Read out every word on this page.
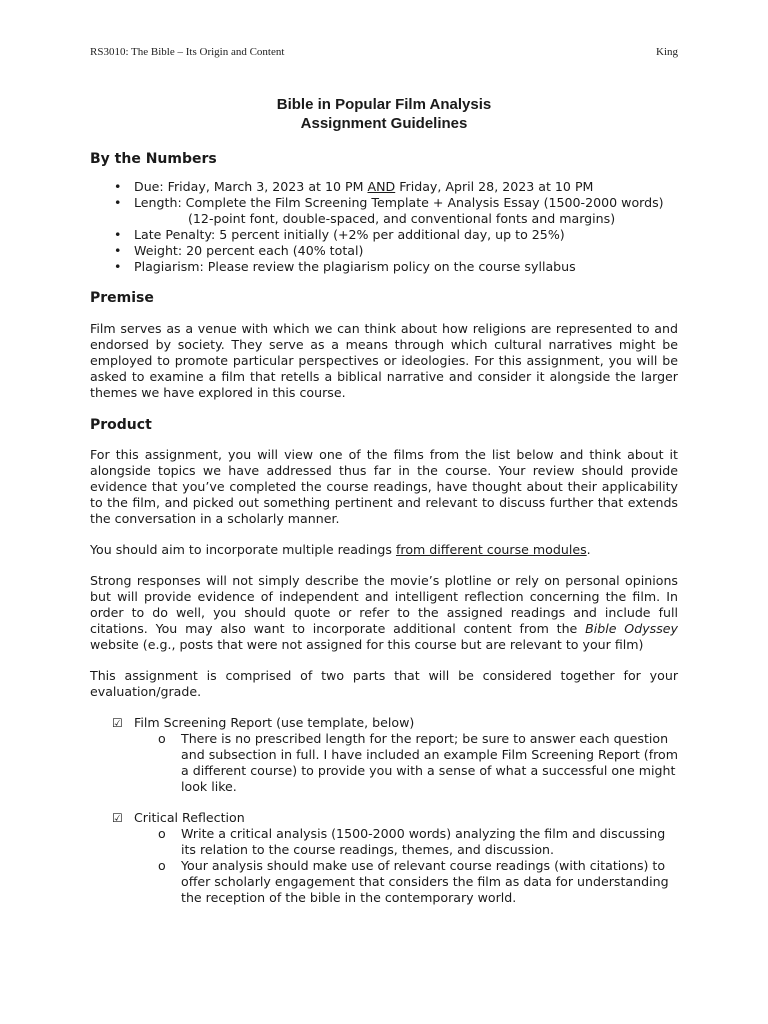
RS3010: The Bible – Its Origin and Content	King

Bible in Popular Film Analysis

Assignment Guidelines

By the Numbers
• Due: Friday, March 3, 2023 at 10 PM AND Friday, April 28, 2023 at 10 PM
• Length: Complete the Film Screening Template + Analysis Essay (1500-2000 words)
(12-point font, double-spaced, and conventional fonts and margins)
• Late Penalty: 5 percent initially (+2% per additional day, up to 25%)
• Weight: 20 percent each (40% total)
• Plagiarism: Please review the plagiarism policy on the course syllabus
Premise

Film serves as a venue with which we can think about how religions are represented to and endorsed by society. They serve as a means through which cultural narratives might be employed to promote particular perspectives or ideologies. For this assignment, you will be asked to examine a film that retells a biblical narrative and consider it alongside the larger themes we have explored in this course.

Product

For this assignment, you will view one of the films from the list below and think about it alongside topics we have addressed thus far in the course. Your review should provide evidence that you’ve completed the course readings, have thought about their applicability to the film, and picked out something pertinent and relevant to discuss further that extends the conversation in a scholarly manner.

You should aim to incorporate multiple readings from different course modules.

Strong responses will not simply describe the movie’s plotline or rely on personal opinions but will provide evidence of independent and intelligent reflection concerning the film. In order to do well, you should quote or refer to the assigned readings and include full citations. You may also want to incorporate additional content from the Bible Odyssey website (e.g., posts that were not assigned for this course but are relevant to your film)

This assignment is comprised of two parts that will be considered together for your evaluation/grade.

☑ Film Screening Report (use template, below)
o There is no prescribed length for the report; be sure to answer each question and subsection in full. I have included an example Film Screening Report (from a different course) to provide you with a sense of what a successful one might look like.
☑ Critical Reflection
o Write a critical analysis (1500-2000 words) analyzing the film and discussing its relation to the course readings, themes, and discussion.
o Your analysis should make use of relevant course readings (with citations) to offer scholarly engagement that considers the film as data for understanding the reception of the bible in the contemporary world.
